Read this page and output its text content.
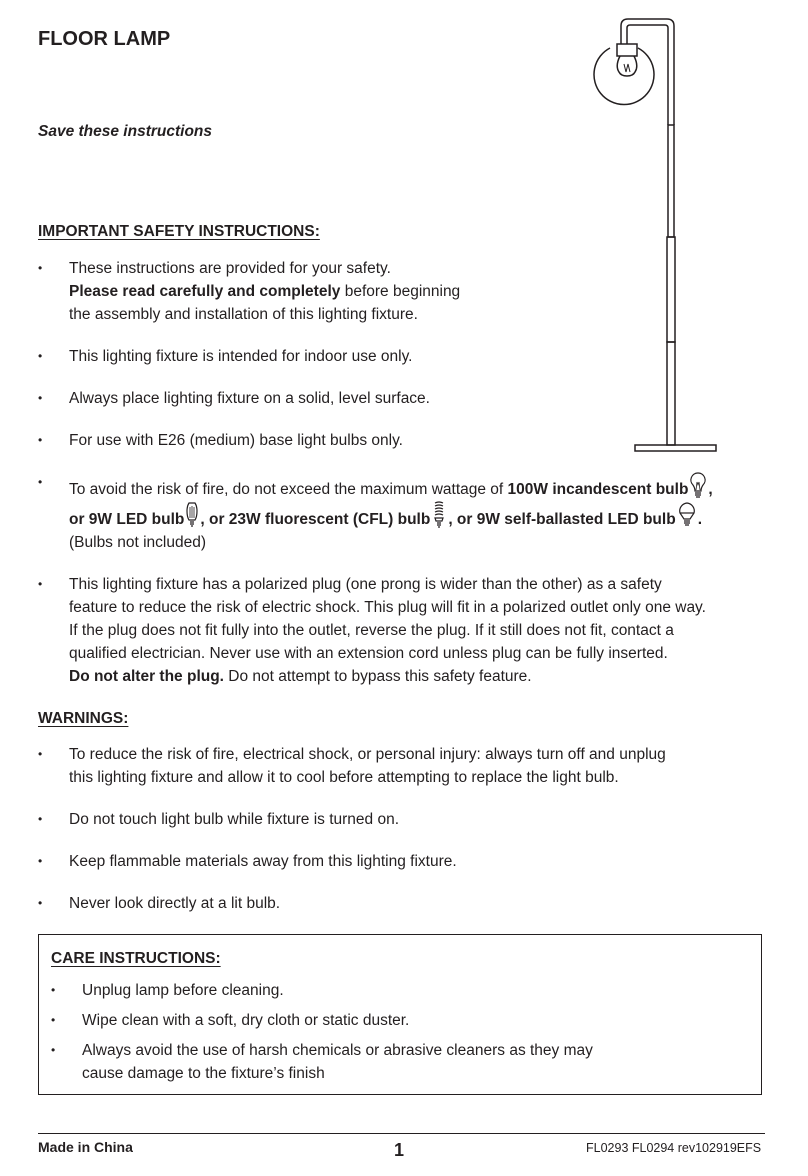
FLOOR LAMP
Save these instructions
IMPORTANT SAFETY INSTRUCTIONS:
• These instructions are provided for your safety.
Please read carefully and completely before beginning
the assembly and installation of this lighting fixture.
• This lighting fixture is intended for indoor use only.
• Always place lighting fixture on a solid, level surface.
• For use with E26 (medium) base light bulbs only.
• To avoid the risk of fire, do not exceed the maximum wattage of 100W incandescent bulb ,
or 9W LED bulb , or 23W fluorescent (CFL) bulb , or 9W self-ballasted LED bulb .
(Bulbs not included)
• This lighting fixture has a polarized plug (one prong is wider than the other) as a safety
feature to reduce the risk of electric shock. This plug will fit in a polarized outlet only one way.
If the plug does not fit fully into the outlet, reverse the plug. If it still does not fit, contact a
qualified electrician. Never use with an extension cord unless plug can be fully inserted.
Do not alter the plug. Do not attempt to bypass this safety feature.
WARNINGS:
• To reduce the risk of fire, electrical shock, or personal injury: always turn off and unplug
this lighting fixture and allow it to cool before attempting to replace the light bulb.
• Do not touch light bulb while fixture is turned on.
• Keep flammable materials away from this lighting fixture.
• Never look directly at a lit bulb.
CARE INSTRUCTIONS:
• Unplug lamp before cleaning.
• Wipe clean with a soft, dry cloth or static duster.
• Always avoid the use of harsh chemicals or abrasive cleaners as they may
cause damage to the fixture’s finish
Made in China	1	FL0293 FL0294 rev102919EFS
